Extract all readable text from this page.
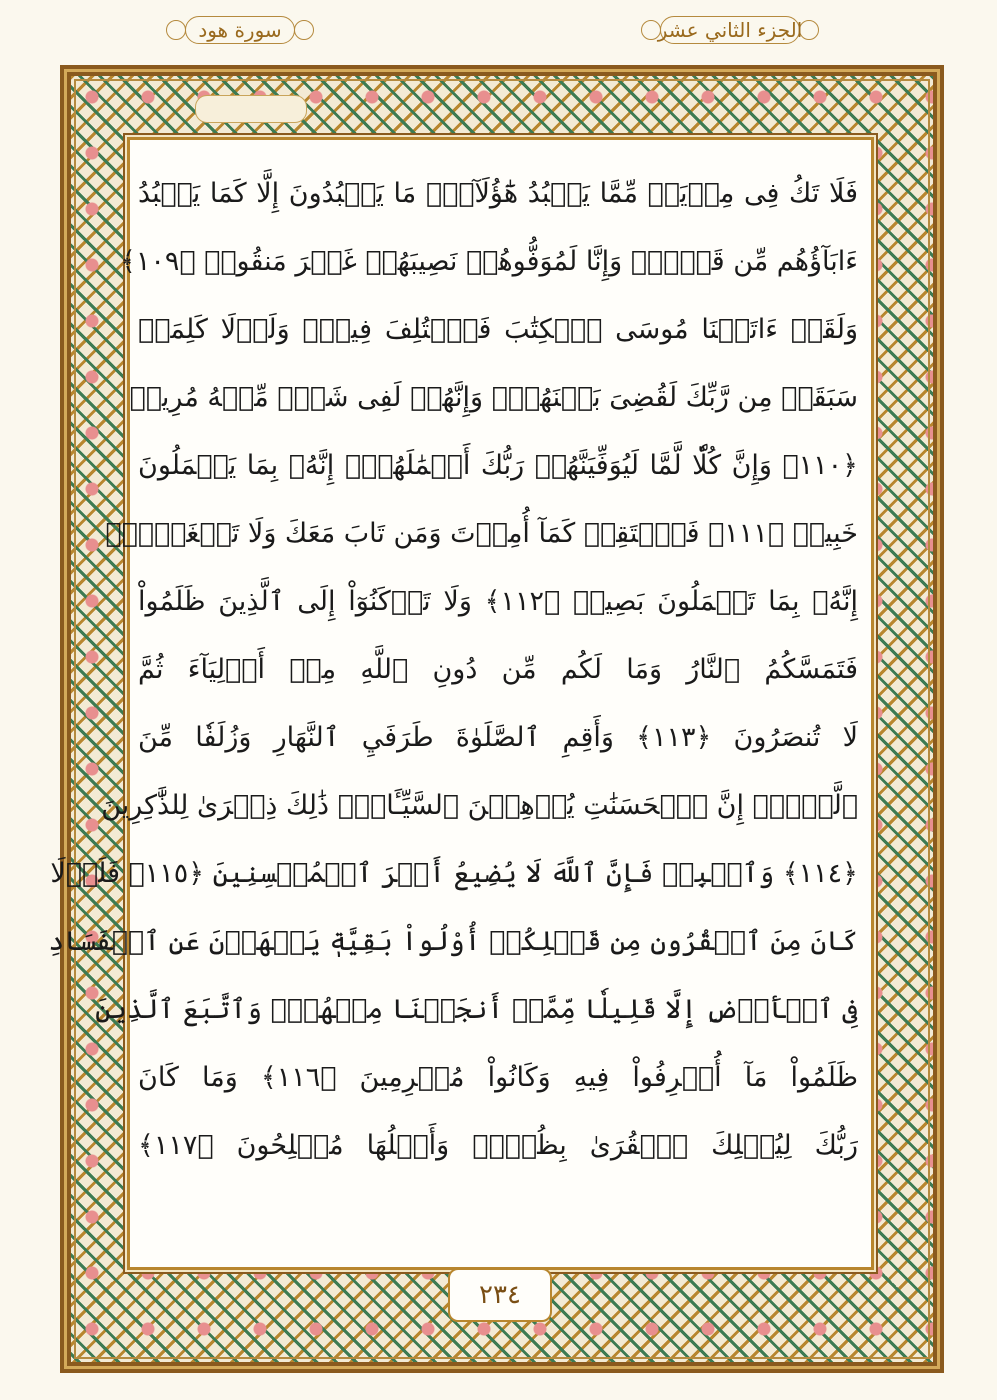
سورة هود	الجزء الثاني عشر
فَلَا تَكُ فِى مِرۡيَةٖ مِّمَّا يَعۡبُدُ هَٰٓؤُلَآءِۚ مَا يَعۡبُدُونَ إِلَّا كَمَا يَعۡبُدُ
ءَابَآؤُهُم مِّن قَبۡلُۚ وَإِنَّا لَمُوَفُّوهُمۡ نَصِيبَهُمۡ غَيۡرَ مَنقُوصٖ ﴿١٠٩﴾
وَلَقَدۡ ءَاتَيۡنَا مُوسَى ٱلۡكِتَٰبَ فَٱخۡتُلِفَ فِيهِۚ وَلَوۡلَا كَلِمَةٞ
سَبَقَتۡ مِن رَّبِّكَ لَقُضِىَ بَيۡنَهُمۡۚ وَإِنَّهُمۡ لَفِى شَكّٖ مِّنۡهُ مُرِيبٖ
﴿١١٠﴾ وَإِنَّ كُلّٗا لَّمَّا لَيُوَفِّيَنَّهُمۡ رَبُّكَ أَعۡمَٰلَهُمۡۚ إِنَّهُۥ بِمَا يَعۡمَلُونَ
خَبِيرٞ ﴿١١١﴾ فَٱسۡتَقِمۡ كَمَآ أُمِرۡتَ وَمَن تَابَ مَعَكَ وَلَا تَطۡغَوۡاْۚ
إِنَّهُۥ بِمَا تَعۡمَلُونَ بَصِيرٞ ﴿١١٢﴾ وَلَا تَرۡكَنُوٓاْ إِلَى ٱلَّذِينَ ظَلَمُواْ
فَتَمَسَّكُمُ ٱلنَّارُ وَمَا لَكُم مِّن دُونِ ٱللَّهِ مِنۡ أَوۡلِيَآءَ ثُمَّ
لَا تُنصَرُونَ ﴿١١٣﴾ وَأَقِمِ ٱلصَّلَوٰةَ طَرَفَيِ ٱلنَّهَارِ وَزُلَفٗا مِّنَ
ٱلَّيۡلِۚ إِنَّ ٱلۡحَسَنَٰتِ يُذۡهِبۡنَ ٱلسَّيِّـَٔاتِۚ ذَٰلِكَ ذِكۡرَىٰ لِلذَّٰكِرِينَ
﴿١١٤﴾ وَٱصۡبِرۡ فَإِنَّ ٱللَّهَ لَا يُضِيعُ أَجۡرَ ٱلۡمُحۡسِنِينَ ﴿١١٥﴾ فَلَوۡلَا
كَانَ مِنَ ٱلۡقُرُونِ مِن قَبۡلِكُمۡ أُوْلُواْ بَقِيَّةٖ يَنۡهَوۡنَ عَنِ ٱلۡفَسَادِ
فِى ٱلۡأَرۡضِ إِلَّا قَلِيلٗا مِّمَّنۡ أَنجَيۡنَا مِنۡهُمۡۗ وَٱتَّبَعَ ٱلَّذِينَ
ظَلَمُواْ مَآ أُتۡرِفُواْ فِيهِ وَكَانُواْ مُجۡرِمِينَ ﴿١١٦﴾ وَمَا كَانَ
رَبُّكَ لِيُهۡلِكَ ٱلۡقُرَىٰ بِظُلۡمٖ وَأَهۡلُهَا مُصۡلِحُونَ ﴿١١٧﴾
٢٣٤
